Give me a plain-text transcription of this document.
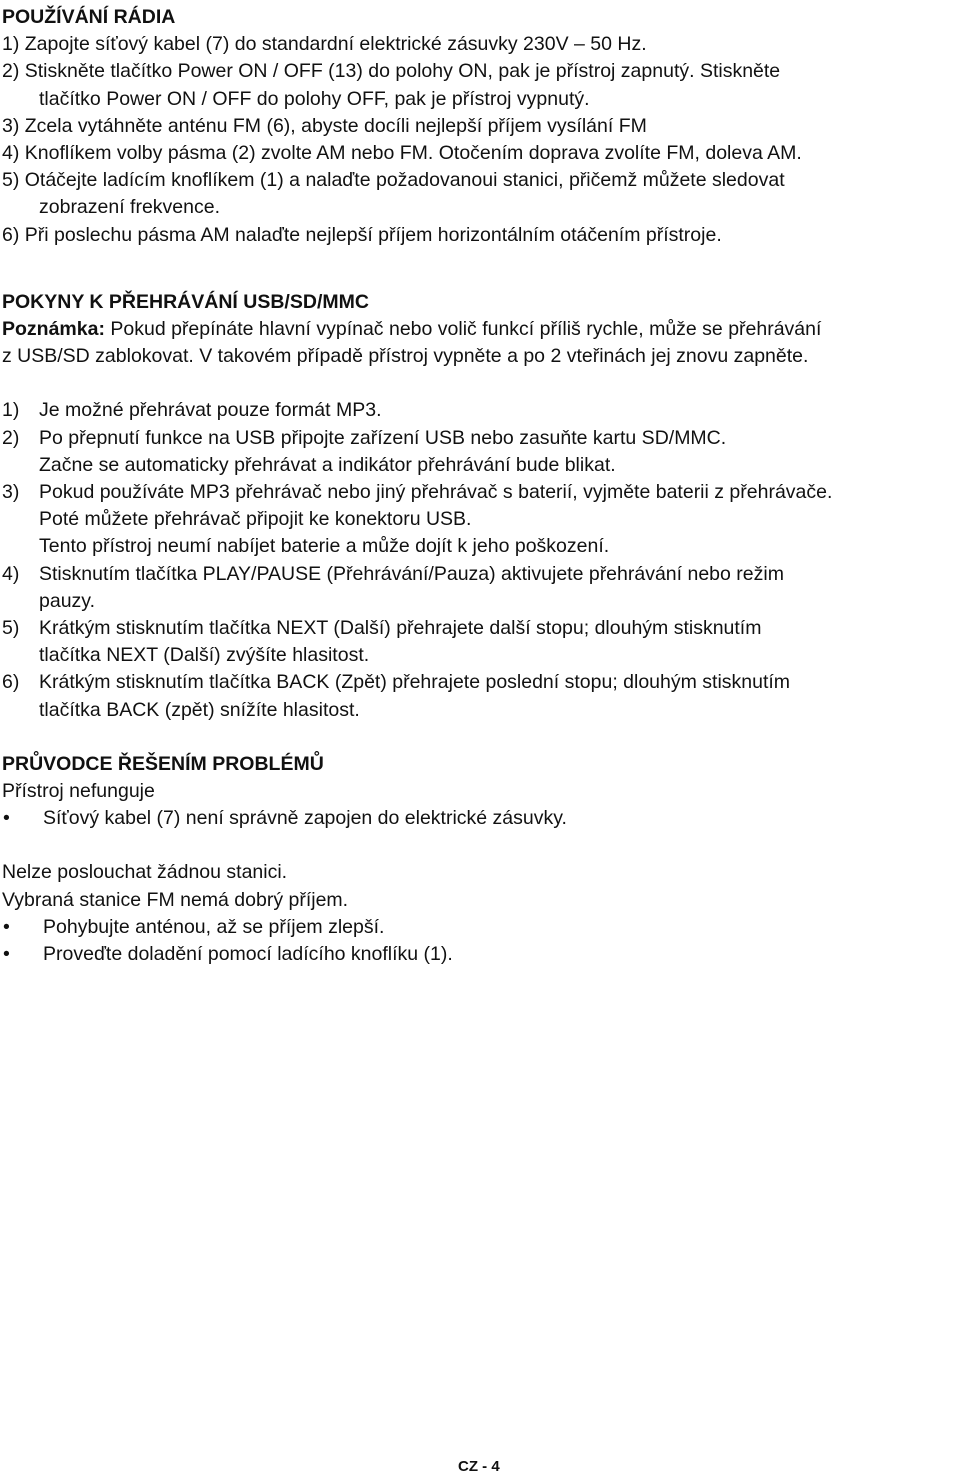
POUŽÍVÁNÍ RÁDIA
1) Zapojte síťový kabel (7) do standardní elektrické zásuvky 230V – 50 Hz.
2) Stiskněte tlačítko Power ON / OFF (13) do polohy ON, pak je přístroj zapnutý. Stiskněte
tlačítko Power ON / OFF do polohy OFF, pak je přístroj vypnutý.
3) Zcela vytáhněte anténu FM (6), abyste docíli nejlepší příjem vysílání FM
4) Knoflíkem volby pásma (2) zvolte AM nebo FM. Otočením doprava zvolíte FM, doleva AM.
5) Otáčejte ladícím knoflíkem (1) a nalaďte požadovanoui stanici, přičemž můžete sledovat
zobrazení frekvence.
6) Při poslechu pásma AM nalaďte nejlepší příjem horizontálním otáčením přístroje.
POKYNY K PŘEHRÁVÁNÍ USB/SD/MMC
Poznámka: Pokud přepínáte hlavní vypínač nebo volič funkcí příliš rychle, může se přehrávání
z USB/SD zablokovat. V takovém případě přístroj vypněte a po 2 vteřinách jej znovu zapněte.
1)	Je možné přehrávat pouze formát MP3.
2)	Po přepnutí funkce na USB připojte zařízení USB nebo zasuňte kartu SD/MMC.
Začne se automaticky přehrávat a indikátor přehrávání bude blikat.
3)	Pokud používáte MP3 přehrávač nebo jiný přehrávač s baterií, vyjměte baterii z přehrávače.
Poté můžete přehrávač připojit ke konektoru USB.
Tento přístroj neumí nabíjet baterie a může dojít k jeho poškození.
4)	Stisknutím tlačítka PLAY/PAUSE (Přehrávání/Pauza) aktivujete přehrávání nebo režim
pauzy.
5)	Krátkým stisknutím tlačítka NEXT (Další) přehrajete další stopu; dlouhým stisknutím
tlačítka NEXT (Další) zvýšíte hlasitost.
6)	Krátkým stisknutím tlačítka BACK (Zpět) přehrajete poslední stopu; dlouhým stisknutím
tlačítka BACK (zpět) snížíte hlasitost.
PRŮVODCE ŘEŠENÍM PROBLÉMŮ
Přístroj nefunguje
•	Síťový kabel (7) není správně zapojen do elektrické zásuvky.
Nelze poslouchat žádnou stanici.
Vybraná stanice FM nemá dobrý příjem.
•	Pohybujte anténou, až se příjem zlepší.
•	Proveďte doladění pomocí ladícího knoflíku (1).
CZ - 4
